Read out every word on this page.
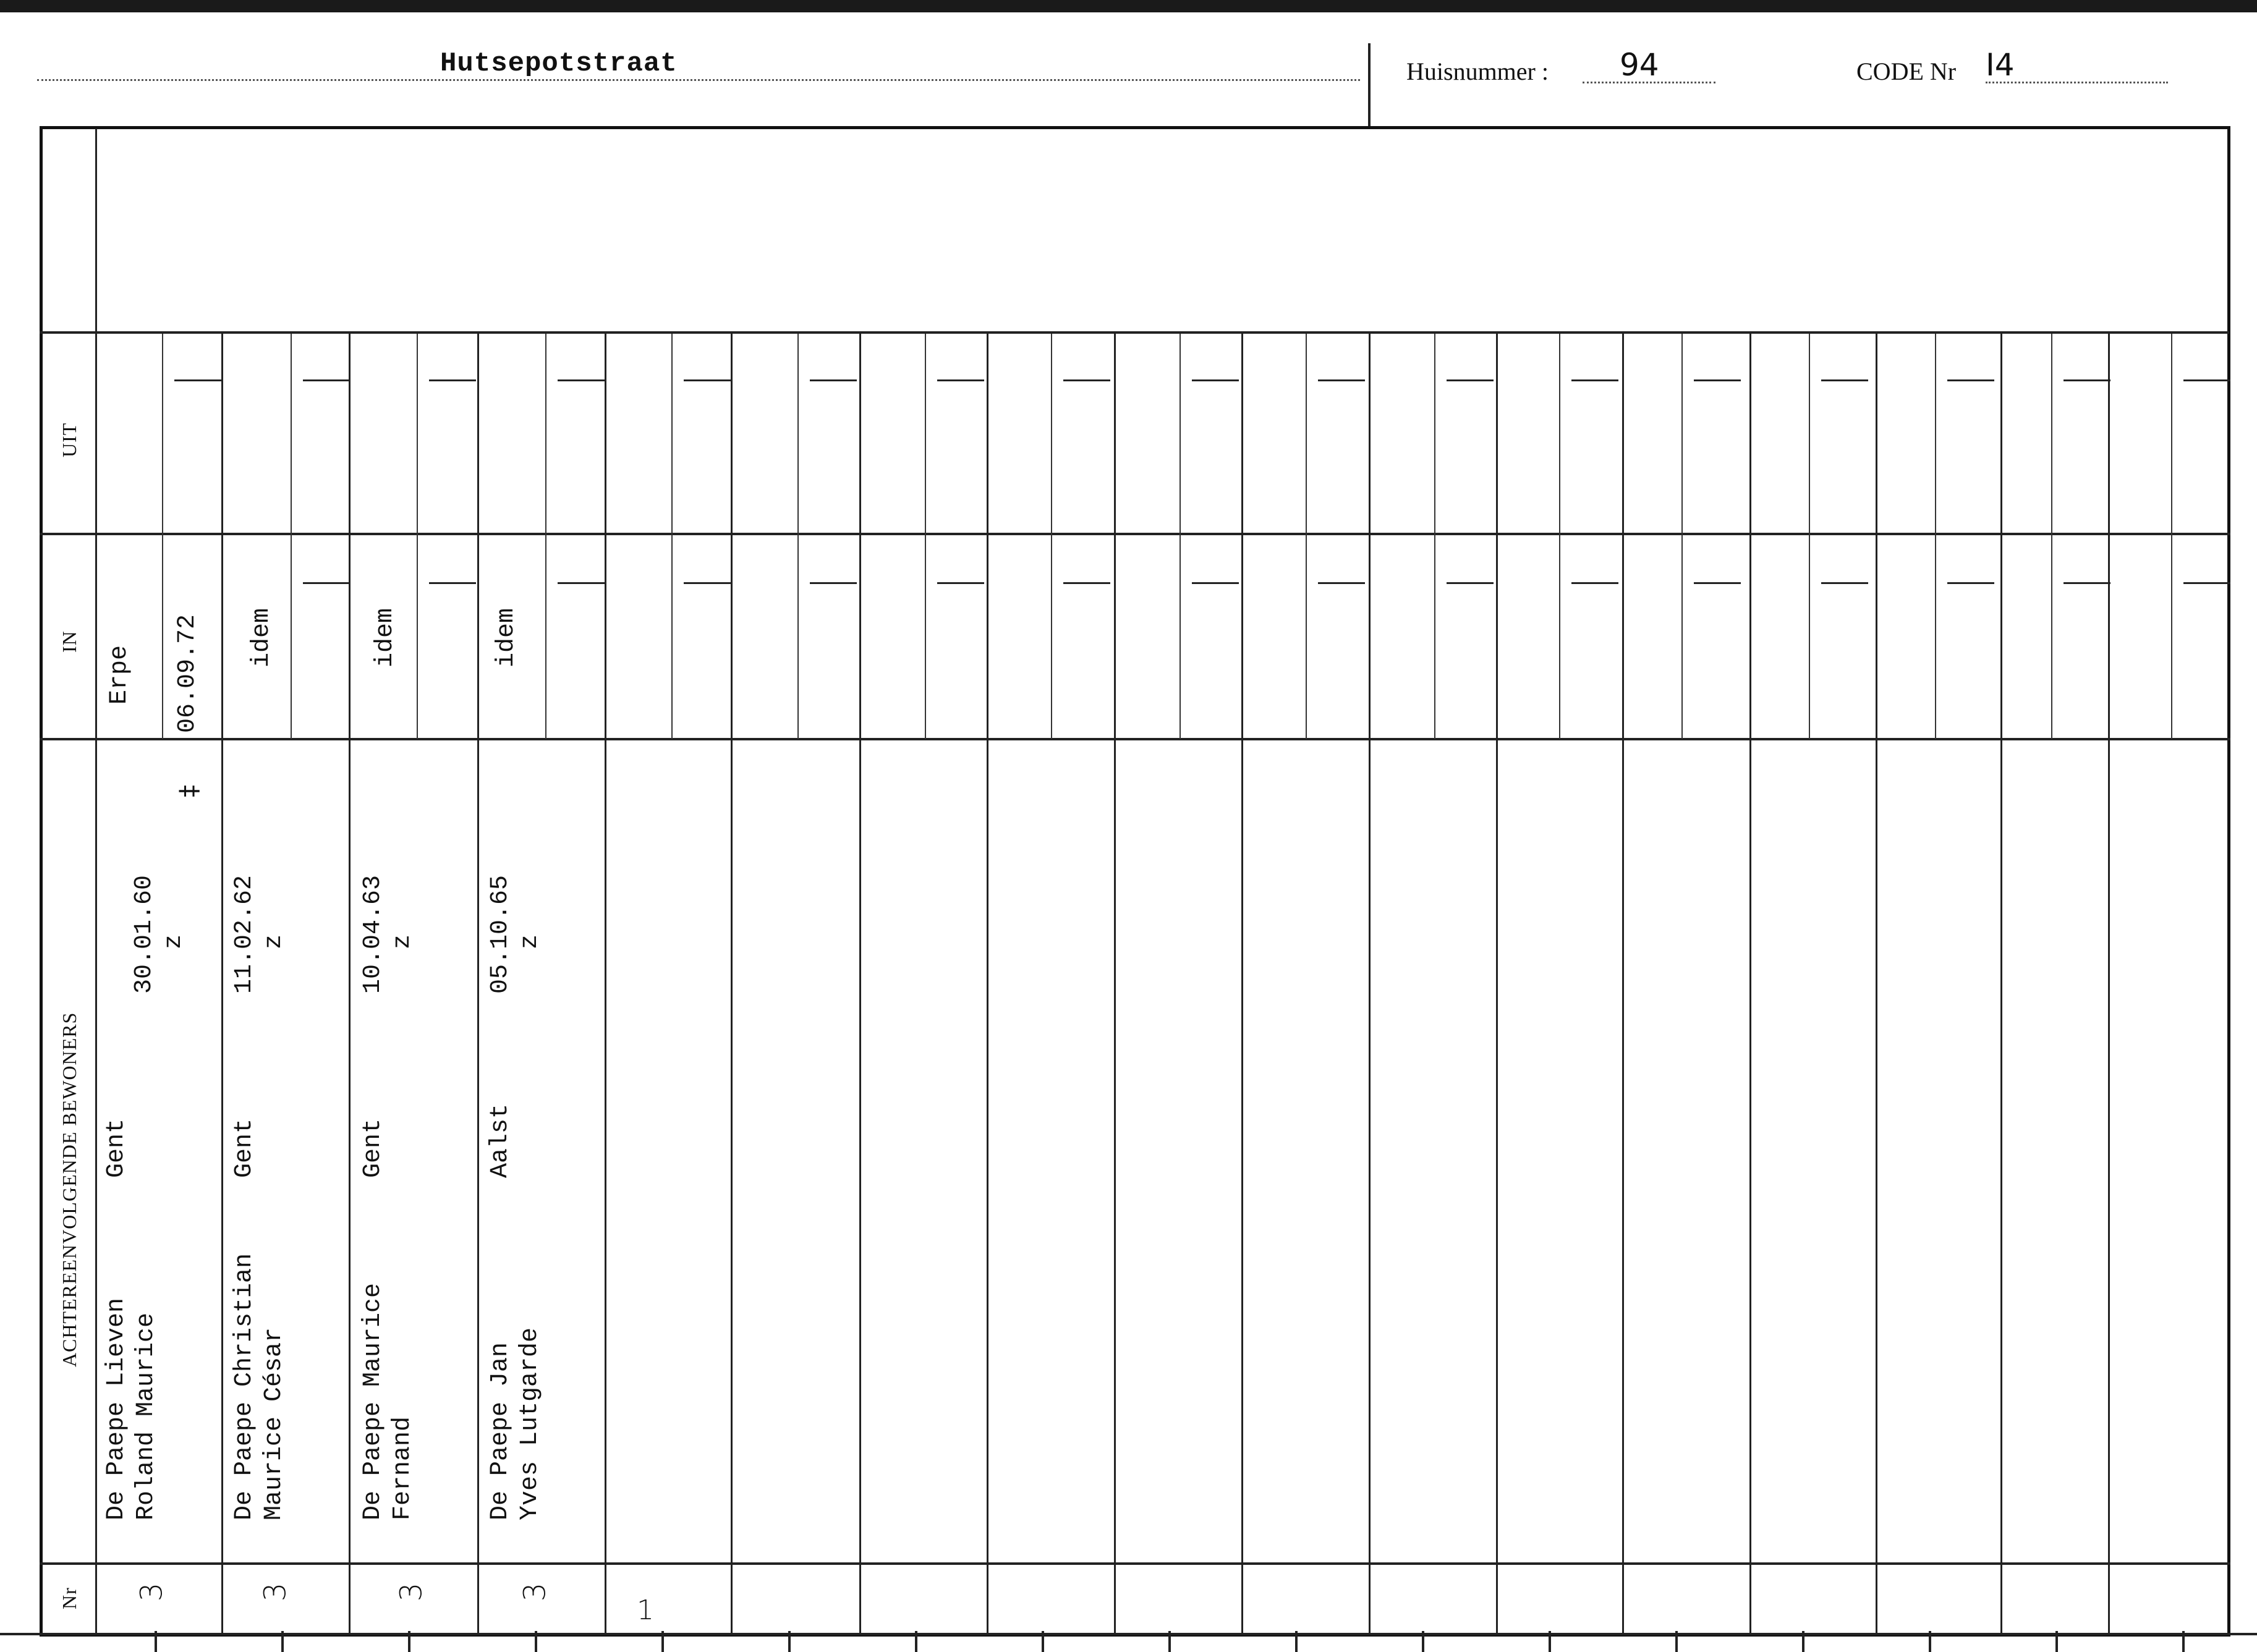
Hutsepotstraat	Huisnummer : 94	CODE Nr I4
UIT
IN
ACHTEREENVOLGENDE BEWONERS
Nr
De Paepe Lieven
Roland Maurice
Gent
30.01.60
z
Erpe 06.09.72
‡
3
De Paepe Christian
Maurice César
Gent
11.02.62
z
idem
3
De Paepe Maurice
Fernand
Gent
10.04.63
z
idem
3
De Paepe Jan
Yves Lutgarde
Aalst
05.10.65
z
idem
3
1
